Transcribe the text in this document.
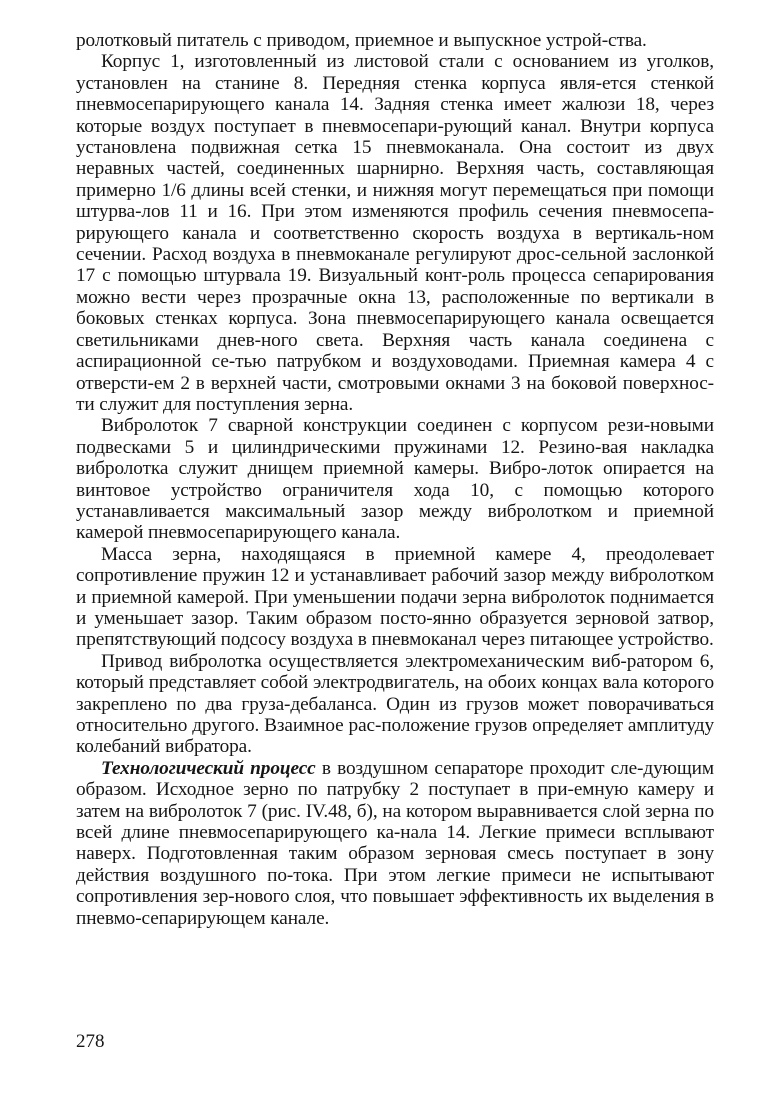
ролотковый питатель с приводом, приемное и выпускное устрой-ства.

Корпус 1, изготовленный из листовой стали с основанием из уголков, установлен на станине 8. Передняя стенка корпуса явля-ется стенкой пневмосепарирующего канала 14. Задняя стенка имеет жалюзи 18, через которые воздух поступает в пневмосепари-рующий канал. Внутри корпуса установлена подвижная сетка 15 пневмоканала. Она состоит из двух неравных частей, соединенных шарнирно. Верхняя часть, составляющая примерно 1/6 длины всей стенки, и нижняя могут перемещаться при помощи штурва-лов 11 и 16. При этом изменяются профиль сечения пневмосепа-рирующего канала и соответственно скорость воздуха в вертикаль-ном сечении. Расход воздуха в пневмоканале регулируют дрос-сельной заслонкой 17 с помощью штурвала 19. Визуальный конт-роль процесса сепарирования можно вести через прозрачные окна 13, расположенные по вертикали в боковых стенках корпуса. Зона пневмосепарирующего канала освещается светильниками днев-ного света. Верхняя часть канала соединена с аспирационной се-тью патрубком и воздуховодами. Приемная камера 4 с отверсти-ем 2 в верхней части, смотровыми окнами 3 на боковой поверхнос-ти служит для поступления зерна.

Вибролоток 7 сварной конструкции соединен с корпусом рези-новыми подвесками 5 и цилиндрическими пружинами 12. Резино-вая накладка вибролотка служит днищем приемной камеры. Вибро-лоток опирается на винтовое устройство ограничителя хода 10, с помощью которого устанавливается максимальный зазор между вибролотком и приемной камерой пневмосепарирующего канала.

Масса зерна, находящаяся в приемной камере 4, преодолевает сопротивление пружин 12 и устанавливает рабочий зазор между вибролотком и приемной камерой. При уменьшении подачи зерна вибролоток поднимается и уменьшает зазор. Таким образом посто-янно образуется зерновой затвор, препятствующий подсосу воздуха в пневмоканал через питающее устройство.

Привод вибролотка осуществляется электромеханическим виб-ратором 6, который представляет собой электродвигатель, на обоих концах вала которого закреплено по два груза-дебаланса. Один из грузов может поворачиваться относительно другого. Взаимное рас-положение грузов определяет амплитуду колебаний вибратора.

Технологический процесс в воздушном сепараторе проходит сле-дующим образом. Исходное зерно по патрубку 2 поступает в при-емную камеру и затем на вибролоток 7 (рис. IV.48, б), на котором выравнивается слой зерна по всей длине пневмосепарирующего ка-нала 14. Легкие примеси всплывают наверх. Подготовленная таким образом зерновая смесь поступает в зону действия воздушного по-тока. При этом легкие примеси не испытывают сопротивления зер-нового слоя, что повышает эффективность их выделения в пневмо-сепарирующем канале.

278
